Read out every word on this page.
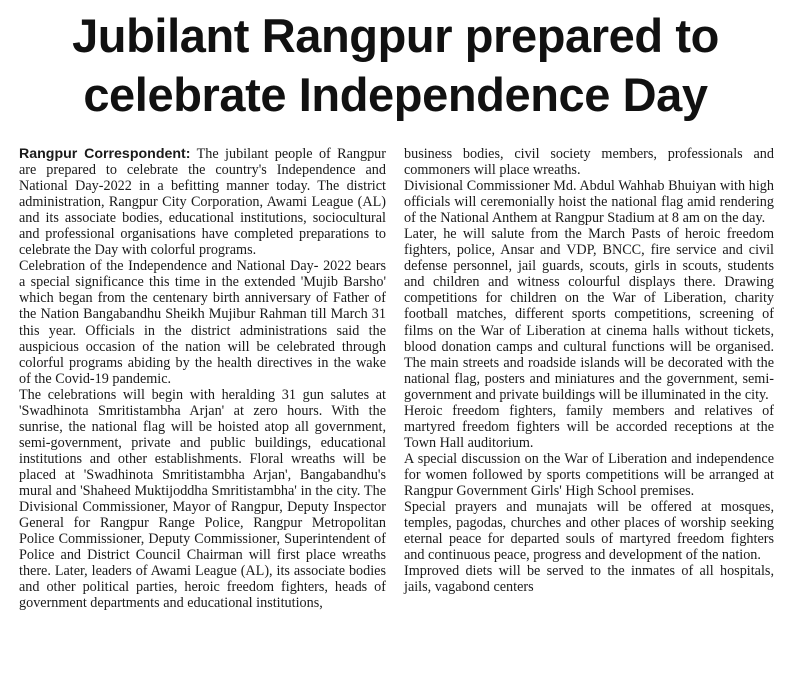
Jubilant Rangpur prepared to
celebrate Independence Day

Rangpur Correspondent: The jubilant people of Rangpur are prepared to celebrate the country's Independence and National Day-2022 in a befitting manner today. The district administration, Rangpur City Corporation, Awami League (AL) and its associate bodies, educational institutions, sociocultural and professional organisations have completed preparations to celebrate the Day with colorful programs.

Celebration of the Independence and National Day- 2022 bears a special significance this time in the extended 'Mujib Barsho' which began from the centenary birth anniversary of Father of the Nation Bangabandhu Sheikh Mujibur Rahman till March 31 this year. Officials in the district administrations said the auspicious occasion of the nation will be celebrated through colorful programs abiding by the health directives in the wake of the Covid-19 pandemic.

The celebrations will begin with heralding 31 gun salutes at 'Swadhinota Smritistambha Arjan' at zero hours. With the sunrise, the national flag will be hoisted atop all government, semi-government, private and public buildings, educational institutions and other establishments. Floral wreaths will be placed at 'Swadhinota Smritistambha Arjan', Bangabandhu's mural and 'Shaheed Muktijoddha Smritistambha' in the city. The Divisional Commissioner, Mayor of Rangpur, Deputy Inspector General for Rangpur Range Police, Rangpur Metropolitan Police Commissioner, Deputy Commissioner, Superintendent of Police and District Council Chairman will first place wreaths there. Later, leaders of Awami League (AL), its associate bodies and other political parties, heroic freedom fighters, heads of government departments and educational institutions,

business bodies, civil society members, professionals and commoners will place wreaths.

Divisional Commissioner Md. Abdul Wahhab Bhuiyan with high officials will ceremonially hoist the national flag amid rendering of the National Anthem at Rangpur Stadium at 8 am on the day.

Later, he will salute from the March Pasts of heroic freedom fighters, police, Ansar and VDP, BNCC, fire service and civil defense personnel, jail guards, scouts, girls in scouts, students and children and witness colourful displays there. Drawing competitions for children on the War of Liberation, charity football matches, different sports competitions, screening of films on the War of Liberation at cinema halls without tickets, blood donation camps and cultural functions will be organised. The main streets and roadside islands will be decorated with the national flag, posters and miniatures and the government, semi-government and private buildings will be illuminated in the city.

Heroic freedom fighters, family members and relatives of martyred freedom fighters will be accorded receptions at the Town Hall auditorium.

A special discussion on the War of Liberation and independence for women followed by sports competitions will be arranged at Rangpur Government Girls' High School premises.

Special prayers and munajats will be offered at mosques, temples, pagodas, churches and other places of worship seeking eternal peace for departed souls of martyred freedom fighters and continuous peace, progress and development of the nation.

Improved diets will be served to the inmates of all hospitals, jails, vagabond centers
